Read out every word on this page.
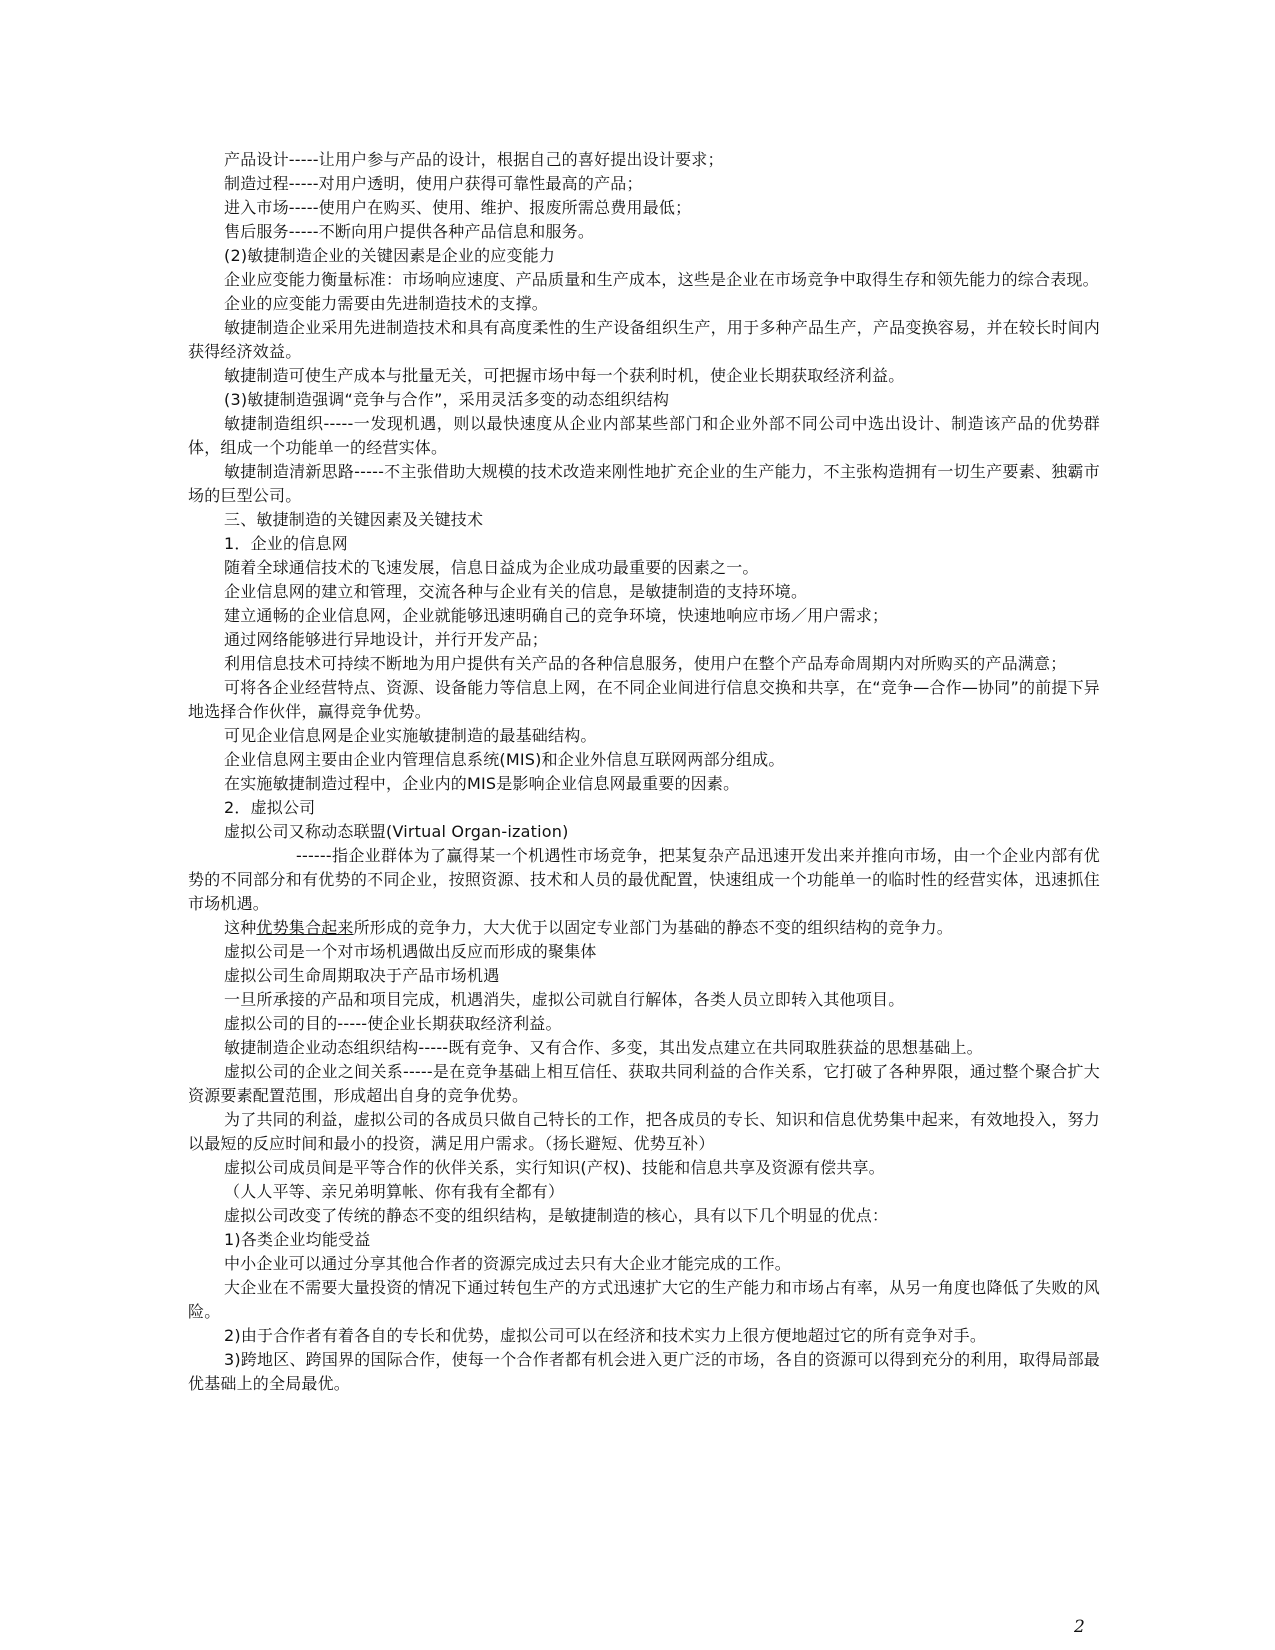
产品设计-----让用户参与产品的设计，根据自己的喜好提出设计要求；

制造过程-----对用户透明，使用户获得可靠性最高的产品；

进入市场-----使用户在购买、使用、维护、报废所需总费用最低；

售后服务-----不断向用户提供各种产品信息和服务。

(2)敏捷制造企业的关键因素是企业的应变能力

企业应变能力衡量标准：市场响应速度、产品质量和生产成本，这些是企业在市场竞争中取得生存和领先能力的综合表现。

企业的应变能力需要由先进制造技术的支撑。

敏捷制造企业采用先进制造技术和具有高度柔性的生产设备组织生产，用于多种产品生产，产品变换容易，并在较长时间内获得经济效益。

敏捷制造可使生产成本与批量无关，可把握市场中每一个获利时机，使企业长期获取经济利益。

(3)敏捷制造强调“竞争与合作”，采用灵活多变的动态组织结构

敏捷制造组织-----一发现机遇，则以最快速度从企业内部某些部门和企业外部不同公司中选出设计、制造该产品的优势群体，组成一个功能单一的经营实体。

敏捷制造清新思路-----不主张借助大规模的技术改造来刚性地扩充企业的生产能力，不主张构造拥有一切生产要素、独霸市场的巨型公司。

三、敏捷制造的关键因素及关键技术

1．企业的信息网

随着全球通信技术的飞速发展，信息日益成为企业成功最重要的因素之一。

企业信息网的建立和管理，交流各种与企业有关的信息，是敏捷制造的支持环境。

建立通畅的企业信息网，企业就能够迅速明确自己的竞争环境，快速地响应市场／用户需求；

通过网络能够进行异地设计，并行开发产品；

利用信息技术可持续不断地为用户提供有关产品的各种信息服务，使用户在整个产品寿命周期内对所购买的产品满意；

可将各企业经营特点、资源、设备能力等信息上网，在不同企业间进行信息交换和共享，在“竞争—合作—协同”的前提下异地选择合作伙伴，赢得竞争优势。

可见企业信息网是企业实施敏捷制造的最基础结构。

企业信息网主要由企业内管理信息系统(MIS)和企业外信息互联网两部分组成。

在实施敏捷制造过程中，企业内的MIS是影响企业信息网最重要的因素。

2．虚拟公司

虚拟公司又称动态联盟(Virtual Organ-ization)

------指企业群体为了赢得某一个机遇性市场竞争，把某复杂产品迅速开发出来并推向市场，由一个企业内部有优势的不同部分和有优势的不同企业，按照资源、技术和人员的最优配置，快速组成一个功能单一的临时性的经营实体，迅速抓住市场机遇。

这种优势集合起来所形成的竞争力，大大优于以固定专业部门为基础的静态不变的组织结构的竞争力。

虚拟公司是一个对市场机遇做出反应而形成的聚集体

虚拟公司生命周期取决于产品市场机遇

一旦所承接的产品和项目完成，机遇消失，虚拟公司就自行解体，各类人员立即转入其他项目。

虚拟公司的目的-----使企业长期获取经济利益。

敏捷制造企业动态组织结构-----既有竞争、又有合作、多变，其出发点建立在共同取胜获益的思想基础上。

虚拟公司的企业之间关系-----是在竞争基础上相互信任、获取共同利益的合作关系，它打破了各种界限，通过整个聚合扩大资源要素配置范围，形成超出自身的竞争优势。

为了共同的利益，虚拟公司的各成员只做自己特长的工作，把各成员的专长、知识和信息优势集中起来，有效地投入，努力以最短的反应时间和最小的投资，满足用户需求。（扬长避短、优势互补）

虚拟公司成员间是平等合作的伙伴关系，实行知识(产权)、技能和信息共享及资源有偿共享。

（人人平等、亲兄弟明算帐、你有我有全都有）

虚拟公司改变了传统的静态不变的组织结构，是敏捷制造的核心，具有以下几个明显的优点：

1)各类企业均能受益

中小企业可以通过分享其他合作者的资源完成过去只有大企业才能完成的工作。

大企业在不需要大量投资的情况下通过转包生产的方式迅速扩大它的生产能力和市场占有率，从另一角度也降低了失败的风险。

2)由于合作者有着各自的专长和优势，虚拟公司可以在经济和技术实力上很方便地超过它的所有竞争对手。

3)跨地区、跨国界的国际合作，使每一个合作者都有机会进入更广泛的市场，各自的资源可以得到充分的利用，取得局部最优基础上的全局最优。

2
